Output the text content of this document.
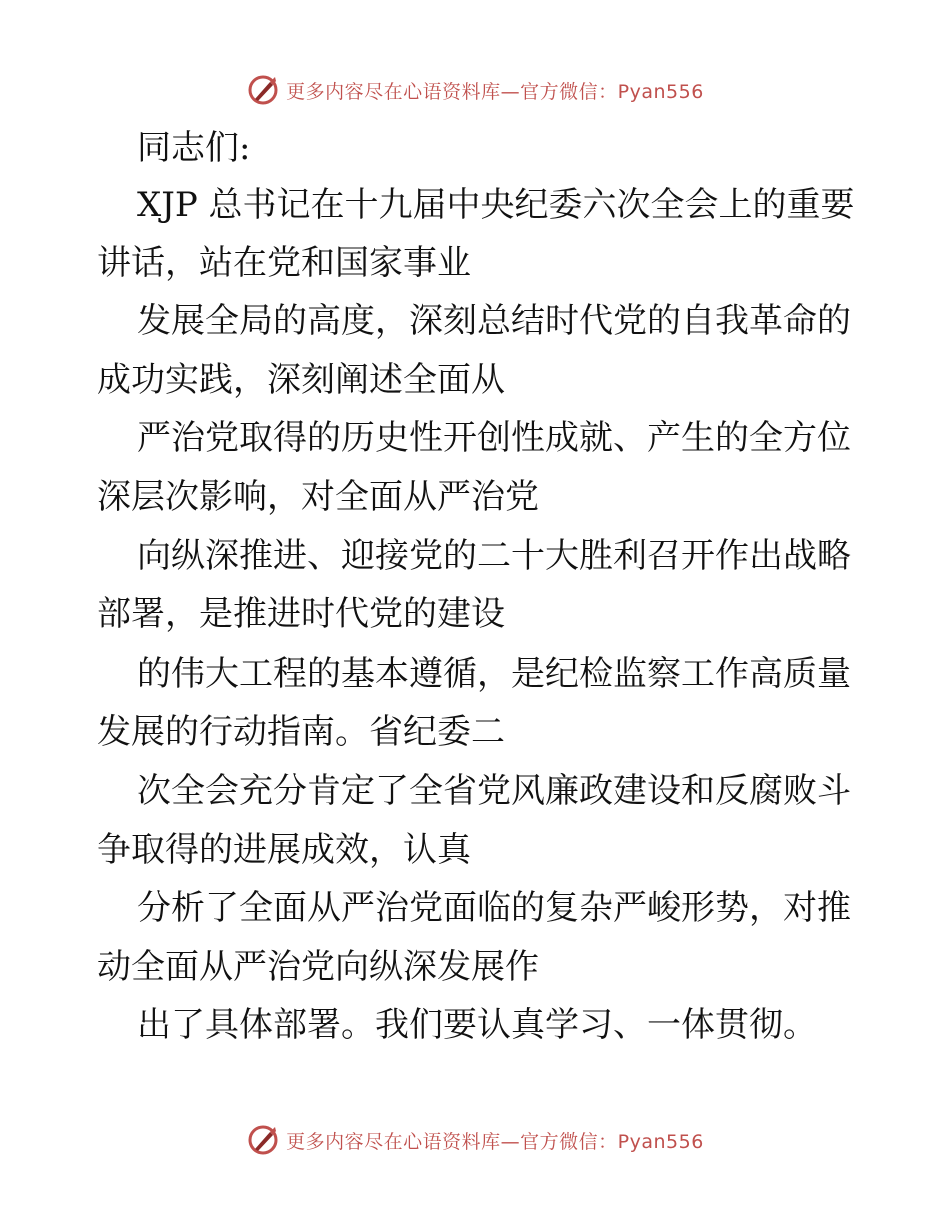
更多内容尽在心语资料库—官方微信：Pyan556
同志们:
XJP 总书记在十九届中央纪委六次全会上的重要
讲话，站在党和国家事业
发展全局的高度，深刻总结时代党的自我革命的
成功实践，深刻阐述全面从
严治党取得的历史性开创性成就、产生的全方位
深层次影响，对全面从严治党
向纵深推进、迎接党的二十大胜利召开作出战略
部署，是推进时代党的建设
的伟大工程的基本遵循，是纪检监察工作高质量
发展的行动指南。省纪委二
次全会充分肯定了全省党风廉政建设和反腐败斗
争取得的进展成效，认真
分析了全面从严治党面临的复杂严峻形势，对推
动全面从严治党向纵深发展作
出了具体部署。我们要认真学习、一体贯彻。
更多内容尽在心语资料库—官方微信：Pyan556
